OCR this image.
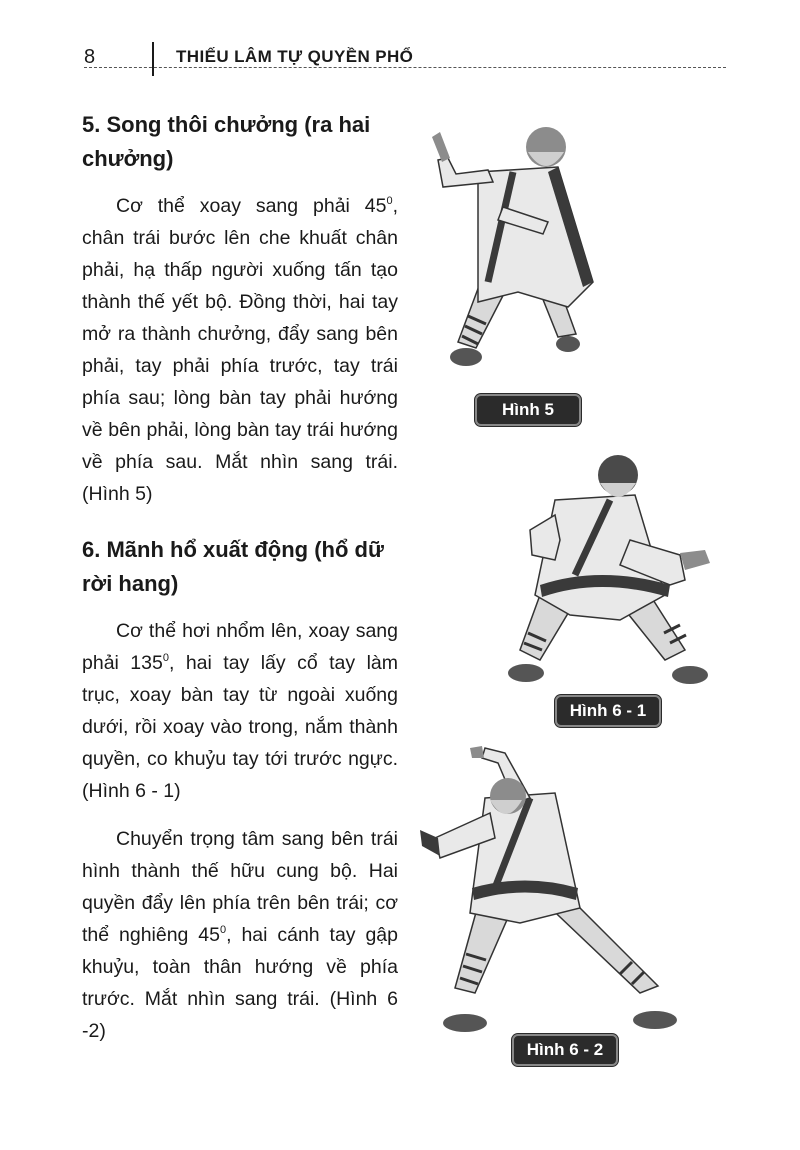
8	THIẾU LÂM TỰ QUYỀN PHỔ
5. Song thôi chưởng (ra hai chưởng)

Cơ thể xoay sang phải $45^0$, chân trái bước lên che khuất chân phải, hạ thấp người xuống tấn tạo thành thế yết bộ. Đồng thời, hai tay mở ra thành chưởng, đẩy sang bên phải, tay phải phía trước, tay trái phía sau; lòng bàn tay phải hướng về bên phải, lòng bàn tay trái hướng về phía sau. Mắt nhìn sang trái. (Hình 5)

6. Mãnh hổ xuất động (hổ dữ rời hang)

Cơ thể hơi nhổm lên, xoay sang phải $135^0$, hai tay lấy cổ tay làm trục, xoay bàn tay từ ngoài xuống dưới, rồi xoay vào trong, nắm thành quyền, co khuỷu tay tới trước ngực. (Hình 6 - 1)

Chuyển trọng tâm sang bên trái hình thành thế hữu cung bộ. Hai quyền đẩy lên phía trên bên trái; cơ thể nghiêng $45^0$, hai cánh tay gập khuỷu, toàn thân hướng về phía trước. Mắt nhìn sang trái. (Hình 6 -2)

Hình 5
Hình 6 - 1
Hình 6 - 2
